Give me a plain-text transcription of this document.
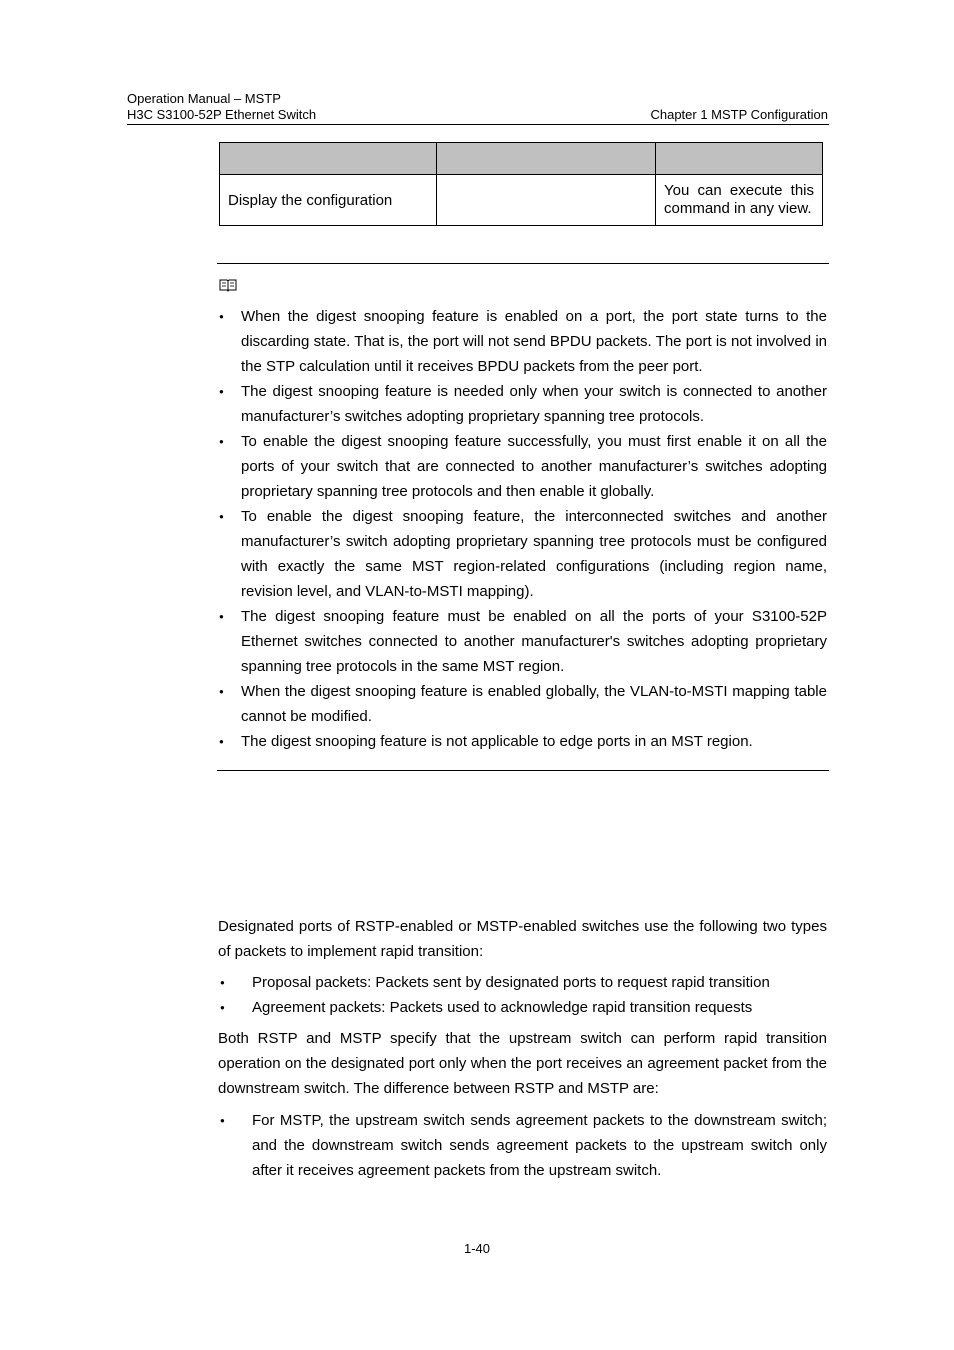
Operation Manual – MSTP
H3C S3100-52P Ethernet Switch	Chapter 1 MSTP Configuration

Display the configuration		You can execute this command in any view.
● When the digest snooping feature is enabled on a port, the port state turns to the discarding state. That is, the port will not send BPDU packets. The port is not involved in the STP calculation until it receives BPDU packets from the peer port.
● The digest snooping feature is needed only when your switch is connected to another manufacturer’s switches adopting proprietary spanning tree protocols.
● To enable the digest snooping feature successfully, you must first enable it on all the ports of your switch that are connected to another manufacturer’s switches adopting proprietary spanning tree protocols and then enable it globally.
● To enable the digest snooping feature, the interconnected switches and another manufacturer’s switch adopting proprietary spanning tree protocols must be configured with exactly the same MST region-related configurations (including region name, revision level, and VLAN-to-MSTI mapping).
● The digest snooping feature must be enabled on all the ports of your S3100-52P Ethernet switches connected to another manufacturer's switches adopting proprietary spanning tree protocols in the same MST region.
● When the digest snooping feature is enabled globally, the VLAN-to-MSTI mapping table cannot be modified.
● The digest snooping feature is not applicable to edge ports in an MST region.

Designated ports of RSTP-enabled or MSTP-enabled switches use the following two types of packets to implement rapid transition:

● Proposal packets: Packets sent by designated ports to request rapid transition
● Agreement packets: Packets used to acknowledge rapid transition requests

Both RSTP and MSTP specify that the upstream switch can perform rapid transition operation on the designated port only when the port receives an agreement packet from the downstream switch. The difference between RSTP and MSTP are:

● For MSTP, the upstream switch sends agreement packets to the downstream switch; and the downstream switch sends agreement packets to the upstream switch only after it receives agreement packets from the upstream switch.
1-40
